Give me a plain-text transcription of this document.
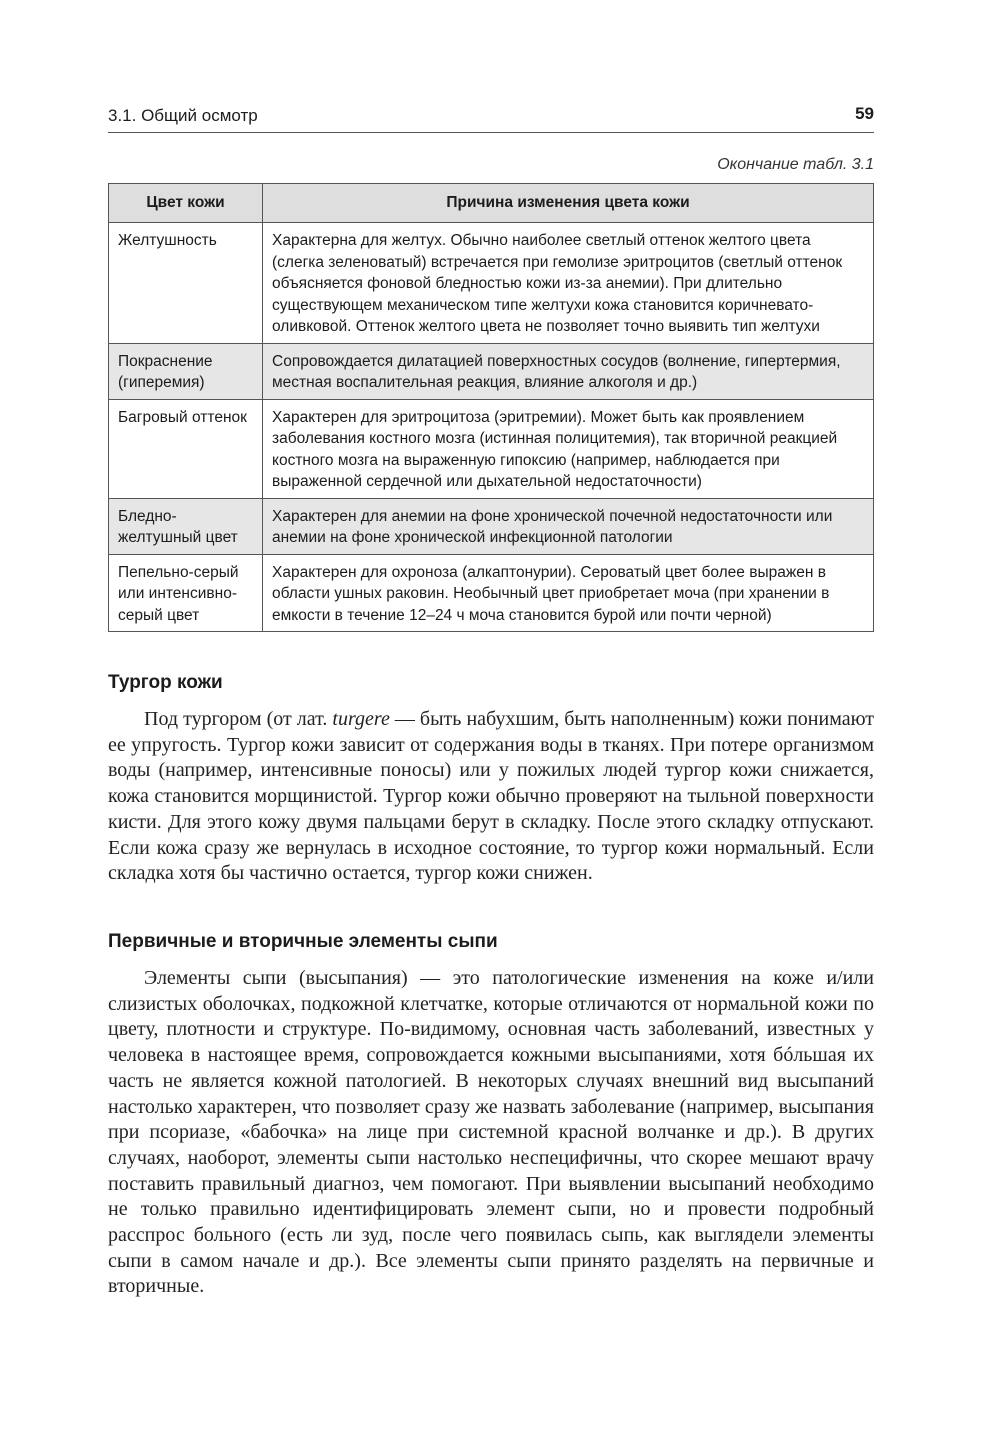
3.1. Общий осмотр	59
Окончание табл. 3.1
Цвет кожи	Причина изменения цвета кожи
Желтушность	Характерна для желтух. Обычно наиболее светлый оттенок желтого цвета (слегка зеленоватый) встречается при гемолизе эритроцитов (светлый оттенок объясняется фоновой бледностью кожи из-за анемии). При длительно существующем механическом типе желтухи кожа становится коричневато-оливковой. Оттенок желтого цвета не позволяет точно выявить тип желтухи
Покраснение (гиперемия)	Сопровождается дилатацией поверхностных сосудов (волнение, гипертермия, местная воспалительная реакция, влияние алкоголя и др.)
Багровый оттенок	Характерен для эритроцитоза (эритремии). Может быть как проявлением заболевания костного мозга (истинная полицитемия), так вторичной реакцией костного мозга на выраженную гипоксию (например, наблюдается при выраженной сердечной или дыхательной недостаточности)
Бледно-желтушный цвет	Характерен для анемии на фоне хронической почечной недостаточности или анемии на фоне хронической инфекционной патологии
Пепельно-серый или интенсивно-серый цвет	Характерен для охроноза (алкаптонурии). Сероватый цвет более выражен в области ушных раковин. Необычный цвет приобретает моча (при хранении в емкости в течение 12–24 ч моча становится бурой или почти черной)
Тургор кожи

Под тургором (от лат. turgere — быть набухшим, быть наполненным) кожи понимают ее упругость. Тургор кожи зависит от содержания воды в тканях. При потере организмом воды (например, интенсивные поносы) или у пожилых людей тургор кожи снижается, кожа становится морщинистой. Тургор кожи обычно проверяют на тыльной поверхности кисти. Для этого кожу двумя пальцами берут в складку. После этого складку отпускают. Если кожа сразу же вернулась в исходное состояние, то тургор кожи нормальный. Если складка хотя бы частично остается, тургор кожи снижен.

Первичные и вторичные элементы сыпи

Элементы сыпи (высыпания) — это патологические изменения на коже и/или слизистых оболочках, подкожной клетчатке, которые отличаются от нормальной кожи по цвету, плотности и структуре. По-видимому, основная часть заболеваний, известных у человека в настоящее время, сопровождается кожными высыпаниями, хотя бóльшая их часть не является кожной патологией. В некоторых случаях внешний вид высыпаний настолько характерен, что позволяет сразу же назвать заболевание (например, высыпания при псориазе, «бабочка» на лице при системной красной волчанке и др.). В других случаях, наоборот, элементы сыпи настолько неспецифичны, что скорее мешают врачу поставить правильный диагноз, чем помогают. При выявлении высыпаний необходимо не только правильно идентифицировать элемент сыпи, но и провести подробный расспрос больного (есть ли зуд, после чего появилась сыпь, как выглядели элементы сыпи в самом начале и др.). Все элементы сыпи принято разделять на первичные и вторичные.
